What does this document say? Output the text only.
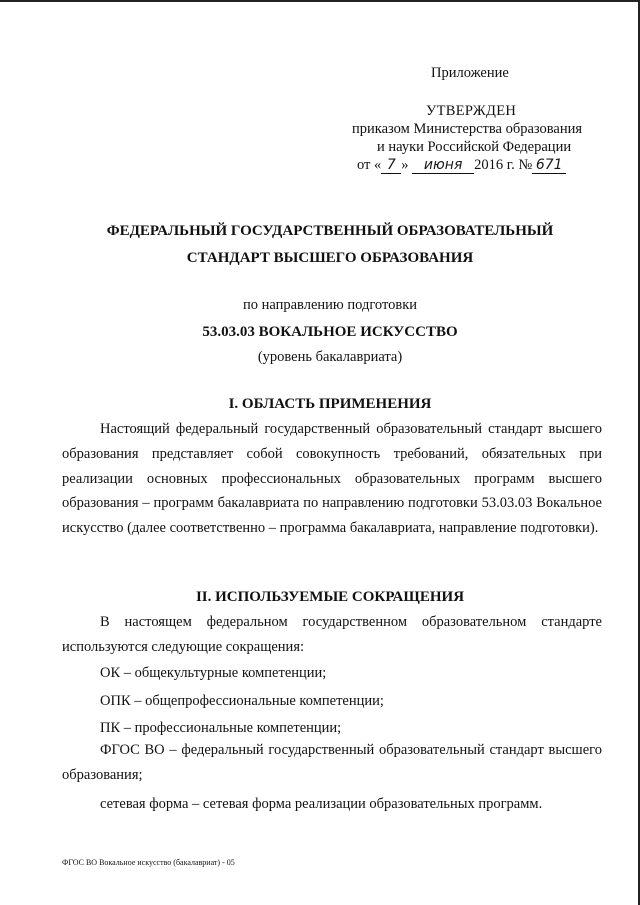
Приложение
УТВЕРЖДЕН
приказом Министерства образования
и науки Российской Федерации
от « 7 » июня 2016 г. № 671
ФЕДЕРАЛЬНЫЙ ГОСУДАРСТВЕННЫЙ ОБРАЗОВАТЕЛЬНЫЙ
СТАНДАРТ ВЫСШЕГО ОБРАЗОВАНИЯ
по направлению подготовки
53.03.03 ВОКАЛЬНОЕ ИСКУССТВО
(уровень бакалавриата)
I. ОБЛАСТЬ ПРИМЕНЕНИЯ

Настоящий федеральный государственный образовательный стандарт высшего образования представляет собой совокупность требований, обязательных при реализации основных профессиональных образовательных программ высшего образования – программ бакалавриата по направлению подготовки 53.03.03 Вокальное искусство (далее соответственно – программа бакалавриата, направление подготовки).

II. ИСПОЛЬЗУЕМЫЕ СОКРАЩЕНИЯ

В настоящем федеральном государственном образовательном стандарте используются следующие сокращения:

ОК – общекультурные компетенции;

ОПК – общепрофессиональные компетенции;

ПК – профессиональные компетенции;

ФГОС ВО – федеральный государственный образовательный стандарт высшего образования;

сетевая форма – сетевая форма реализации образовательных программ.

ФГОС ВО Вокальное искусство (бакалавриат) - 05
